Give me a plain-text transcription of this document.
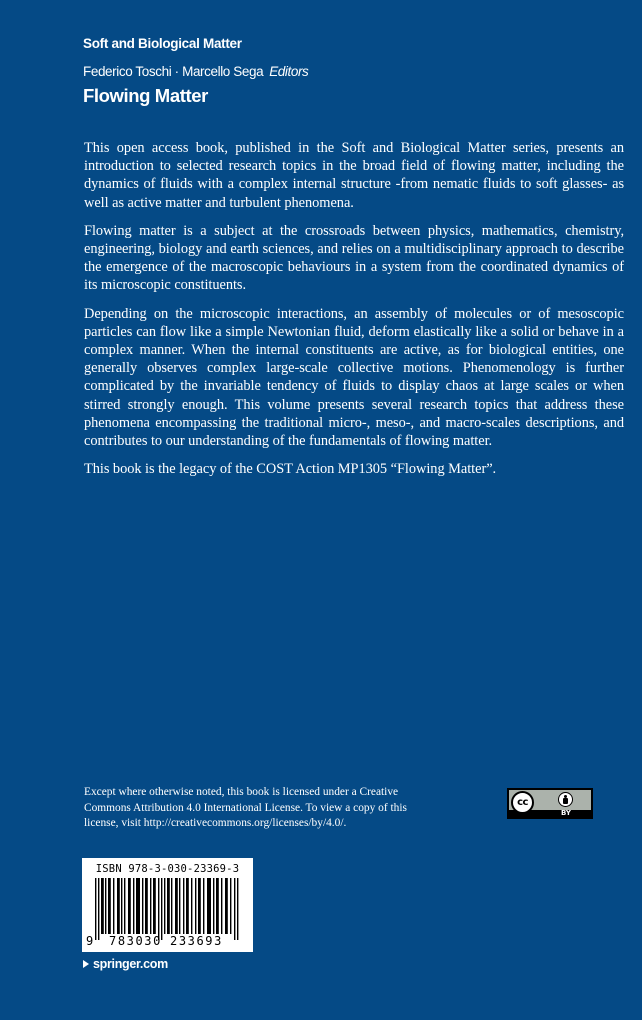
Soft and Biological Matter
Federico Toschi · Marcello Sega Editors
Flowing Matter

This open access book, published in the Soft and Biological Matter series, presents an introduction to selected research topics in the broad field of flowing matter, including the dynamics of fluids with a complex internal structure -from nematic fluids to soft glasses- as well as active matter and turbulent phenomena.

Flowing matter is a subject at the crossroads between physics, mathematics, chemistry, engineering, biology and earth sciences, and relies on a multidisciplinary approach to describe the emergence of the macroscopic behaviours in a system from the coordinated dynamics of its microscopic constituents.

Depending on the microscopic interactions, an assembly of molecules or of mesoscopic particles can flow like a simple Newtonian fluid, deform elastically like a solid or behave in a complex manner. When the internal constituents are active, as for biological entities, one generally observes complex large-scale collective motions. Phenomenology is further complicated by the invariable tendency of fluids to display chaos at large scales or when stirred strongly enough. This volume presents several research topics that address these phenomena encompassing the traditional micro-, meso-, and macro-scales descriptions, and contributes to our understanding of the fundamentals of flowing matter.

This book is the legacy of the COST Action MP1305 “Flowing Matter”.

Except where otherwise noted, this book is licensed under a Creative Commons Attribution 4.0 International License. To view a copy of this license, visit http://creativecommons.org/licenses/by/4.0/.
cc
BY
ISBN 978-3-030-23369-3
9 783030 233693
springer.com
